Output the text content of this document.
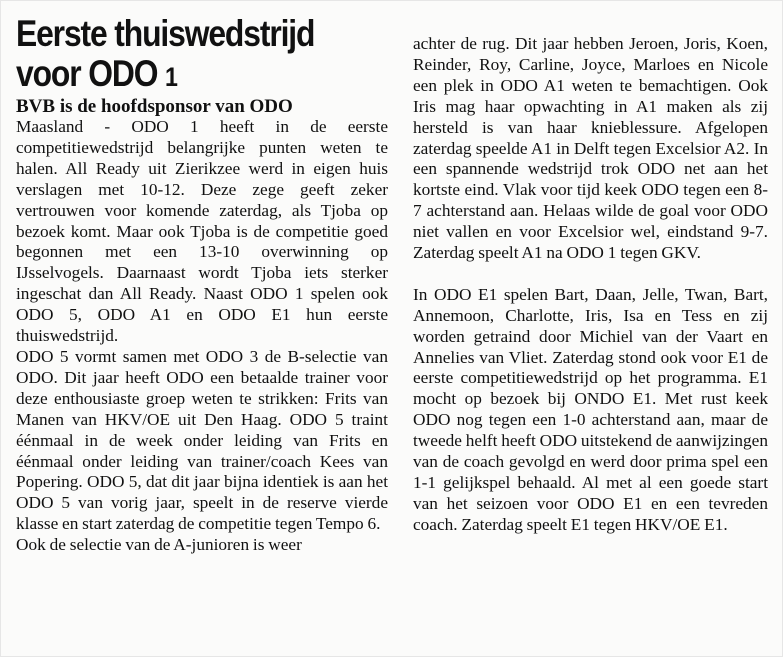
Eerste thuiswedstrijd voor ODO 1
BVB is de hoofdsponsor van ODO

Maasland - ODO 1 heeft in de eerste competitiewedstrijd belangrijke punten weten te halen. All Ready uit Zierikzee werd in eigen huis verslagen met 10-12. Deze zege geeft zeker vertrouwen voor komende zaterdag, als Tjoba op bezoek komt. Maar ook Tjoba is de competitie goed begonnen met een 13-10 overwinning op IJsselvogels. Daarnaast wordt Tjoba iets sterker ingeschat dan All Ready. Naast ODO 1 spelen ook ODO 5, ODO A1 en ODO E1 hun eerste thuiswedstrijd.

ODO 5 vormt samen met ODO 3 de B-selectie van ODO. Dit jaar heeft ODO een betaalde trainer voor deze enthousiaste groep weten te strikken: Frits van Manen van HKV/OE uit Den Haag. ODO 5 traint éénmaal in de week onder leiding van Frits en éénmaal onder leiding van trainer/coach Kees van Popering. ODO 5, dat dit jaar bijna identiek is aan het ODO 5 van vorig jaar, speelt in de reserve vierde klasse en start zaterdag de competitie tegen Tempo 6.

Ook de selectie van de A-junioren is weer

achter de rug. Dit jaar hebben Jeroen, Joris, Koen, Reinder, Roy, Carline, Joyce, Marloes en Nicole een plek in ODO A1 weten te bemachtigen. Ook Iris mag haar opwachting in A1 maken als zij hersteld is van haar knieblessure. Afgelopen zaterdag speelde A1 in Delft tegen Excelsior A2. In een spannende wedstrijd trok ODO net aan het kortste eind. Vlak voor tijd keek ODO tegen een 8-7 achterstand aan. Helaas wilde de goal voor ODO niet vallen en voor Excelsior wel, eindstand 9-7. Zaterdag speelt A1 na ODO 1 tegen GKV.

In ODO E1 spelen Bart, Daan, Jelle, Twan, Bart, Annemoon, Charlotte, Iris, Isa en Tess en zij worden getraind door Michiel van der Vaart en Annelies van Vliet. Zaterdag stond ook voor E1 de eerste competitiewedstrijd op het programma. E1 mocht op bezoek bij ONDO E1. Met rust keek ODO nog tegen een 1-0 achterstand aan, maar de tweede helft heeft ODO uitstekend de aanwijzingen van de coach gevolgd en werd door prima spel een 1-1 gelijkspel behaald. Al met al een goede start van het seizoen voor ODO E1 en een tevreden coach. Zaterdag speelt E1 tegen HKV/OE E1.
